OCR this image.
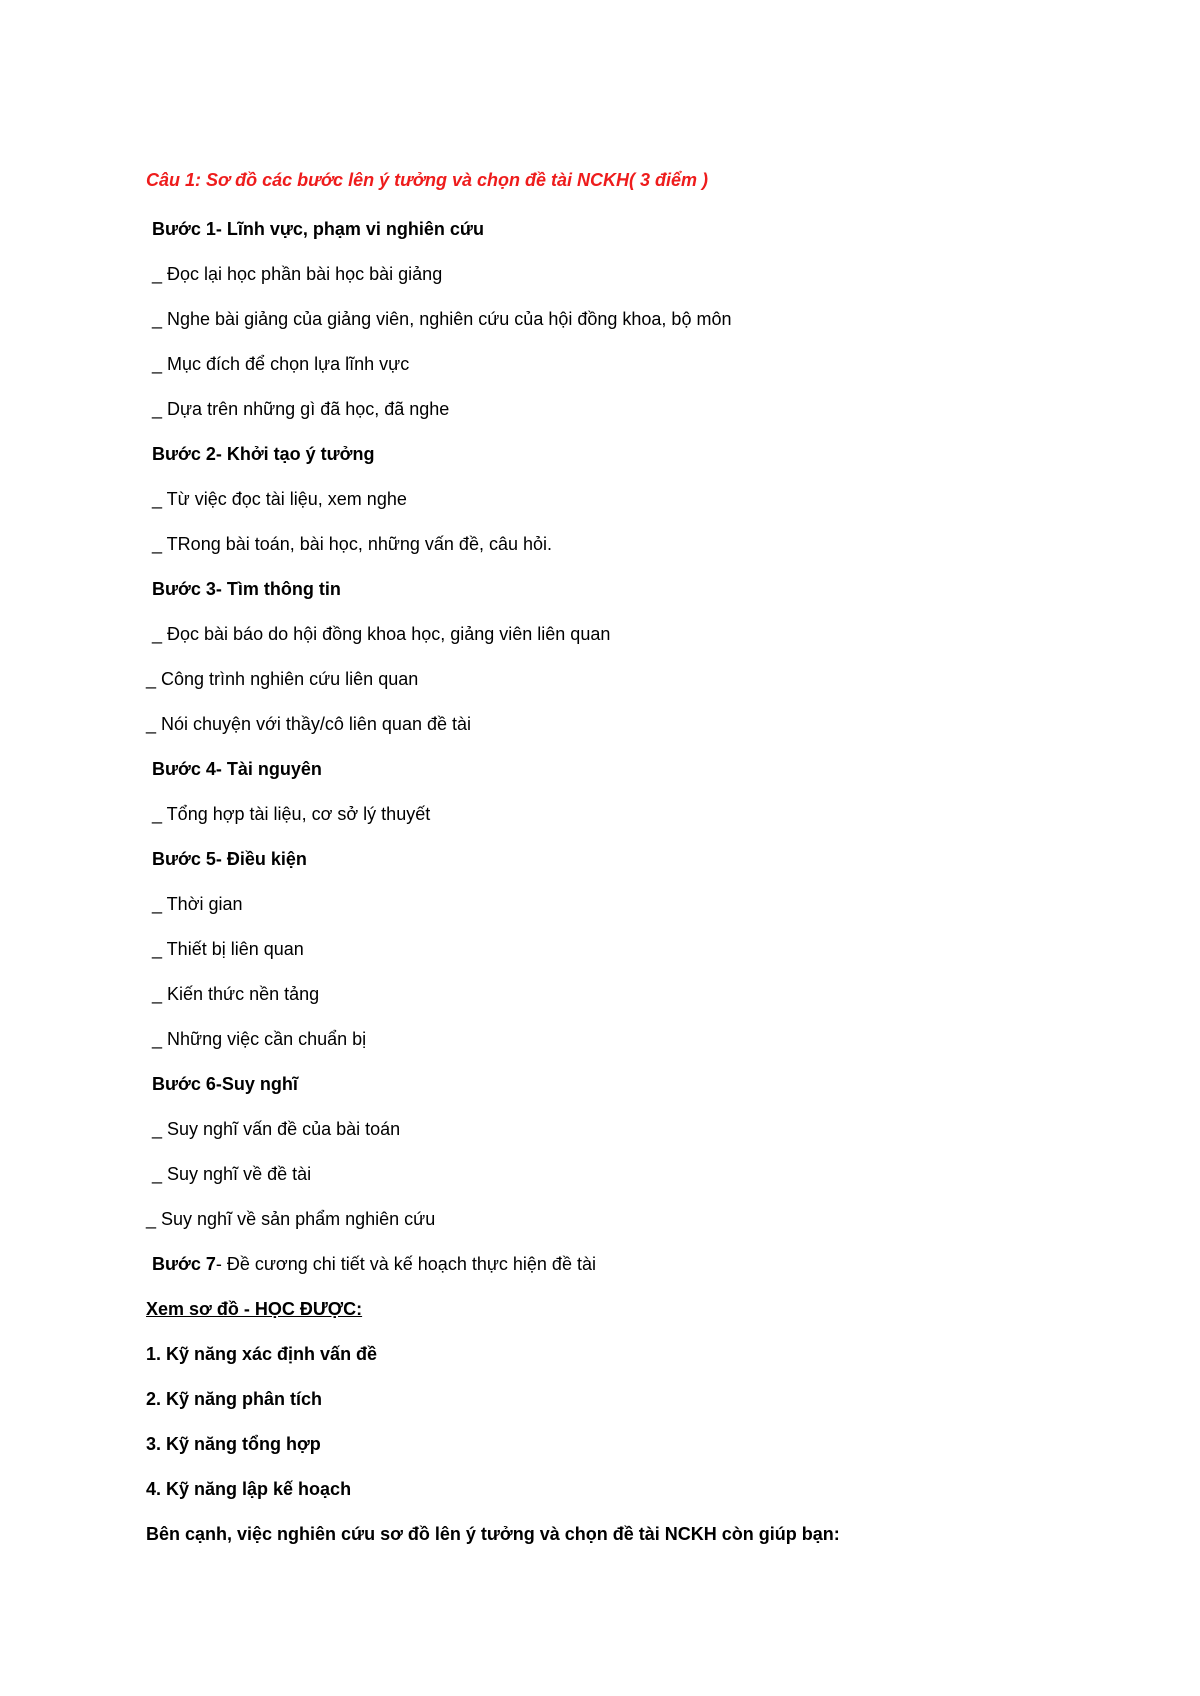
Câu 1: Sơ đồ các bước lên ý tưởng và chọn đề tài NCKH( 3 điểm )
Bước 1- Lĩnh vực, phạm vi nghiên cứu
_ Đọc lại học phần bài học bài giảng
_ Nghe bài giảng của giảng viên, nghiên cứu của hội đồng khoa, bộ môn
_ Mục đích để chọn lựa lĩnh vực
_ Dựa trên những gì đã học, đã nghe
Bước 2- Khởi tạo ý tưởng
_ Từ việc đọc tài liệu, xem nghe
_ TRong bài toán, bài học, những vấn đề, câu hỏi.
Bước 3- Tìm thông tin
_ Đọc bài báo do hội đồng khoa học, giảng viên liên quan
_ Công trình nghiên cứu liên quan
_ Nói chuyện với thầy/cô liên quan đề tài
Bước 4- Tài nguyên
_ Tổng hợp tài liệu, cơ sở lý thuyết
Bước 5- Điều kiện
_ Thời gian
_ Thiết bị liên quan
_ Kiến thức nền tảng
_ Những việc cần chuẩn bị
Bước 6-Suy nghĩ
_ Suy nghĩ vấn đề của bài toán
_ Suy nghĩ về đề tài
_ Suy nghĩ về sản phẩm nghiên cứu
Bước 7- Đề cương chi tiết và kế hoạch thực hiện đề tài
Xem sơ đồ - HỌC ĐƯỢC:
1. Kỹ năng xác định vấn đề
2. Kỹ năng phân tích
3. Kỹ năng tổng hợp
4. Kỹ năng lập kế hoạch
Bên cạnh, việc nghiên cứu sơ đồ lên ý tưởng và chọn đề tài NCKH còn giúp bạn:
